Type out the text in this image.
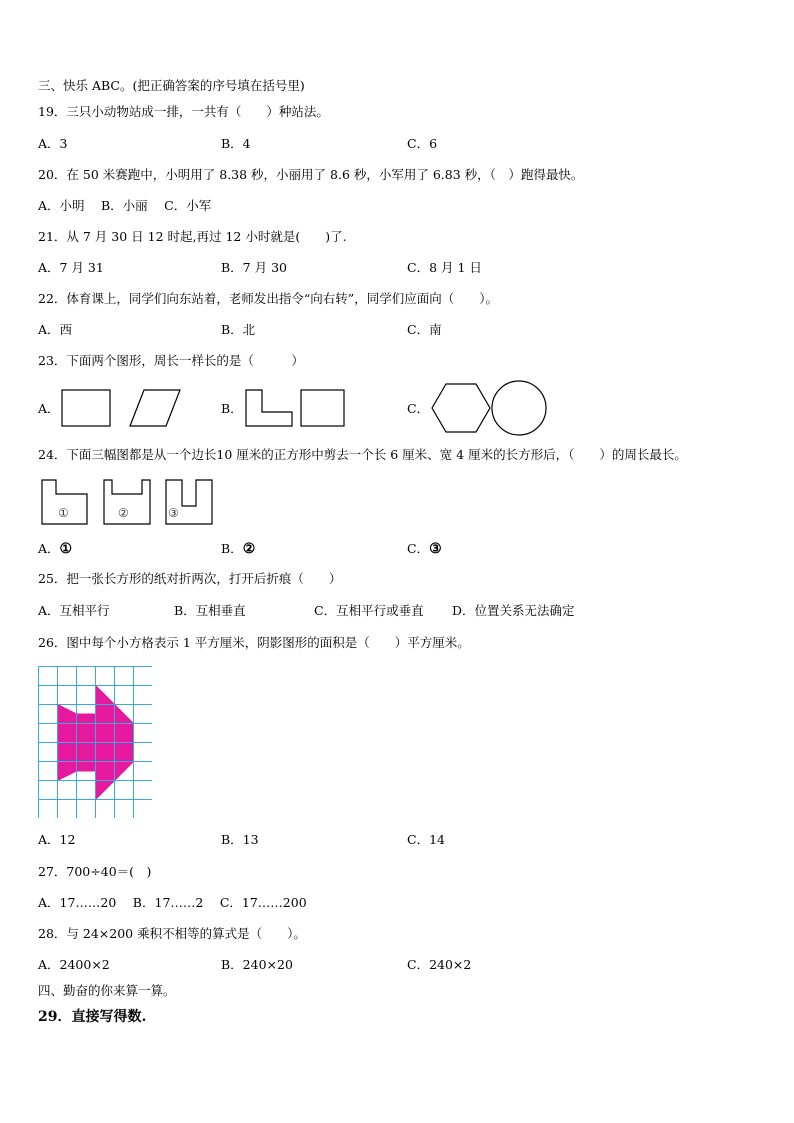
三、快乐 ABC。(把正确答案的序号填在括号里)
19．三只小动物站成一排，一共有（　　）种站法。
A．3	B．4	C．6
20．在 50 米赛跑中，小明用了 8.38 秒，小丽用了 8.6 秒，小军用了 6.83 秒，（　）跑得最快。
A．小明　 B．小丽　 C．小军
21．从 7 月 30 日 12 时起,再过 12 小时就是(　　)了.
A．7 月 31	B．7 月 30	C．8 月 1 日
22．体育课上，同学们向东站着，老师发出指令“向右转”，同学们应面向（　　）。
A．西	B．北	C．南
23．下面两个图形，周长一样长的是（　　　）
A．	B．	C．
24．下面三幅图都是从一个边长10 厘米的正方形中剪去一个长 6 厘米、宽 4 厘米的长方形后，（　　）的周长最长。
①	②	③
A．①	B．②	C．③
25．把一张长方形的纸对折两次，打开后折痕（　　）
A．互相平行	B．互相垂直	C．互相平行或垂直 D．位置关系无法确定
26．图中每个小方格表示 1 平方厘米，阴影图形的面积是（　　）平方厘米。
A．12	B．13	C．14
27．700÷40＝(　)
A．17……20　 B．17……2　 C．17……200
28．与 24×200 乘积不相等的算式是（　　）。
A．2400×2	B．240×20	C．240×2
四、勤奋的你来算一算。
29．直接写得数.
